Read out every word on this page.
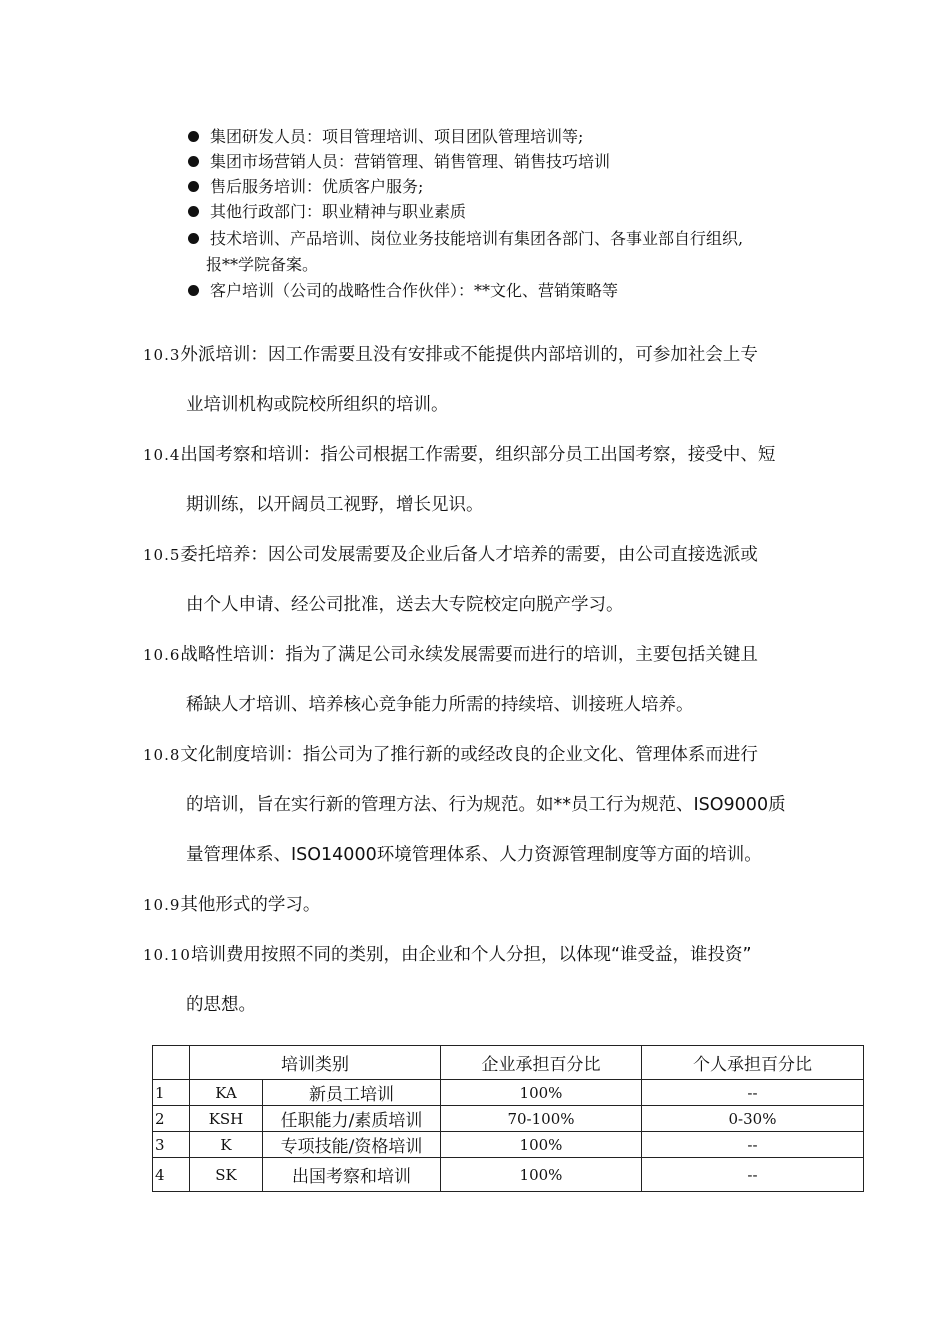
集团研发人员：项目管理培训、项目团队管理培训等;
集团市场营销人员：营销管理、销售管理、销售技巧培训
售后服务培训：优质客户服务;
其他行政部门：职业精神与职业素质
技术培训、产品培训、岗位业务技能培训有集团各部门、各事业部自行组织,
报**学院备案。
客户培训（公司的战略性合作伙伴）：**文化、营销策略等
10.3外派培训：因工作需要且没有安排或不能提供内部培训的，可参加社会上专
业培训机构或院校所组织的培训。
10.4出国考察和培训：指公司根据工作需要，组织部分员工出国考察，接受中、短
期训练，以开阔员工视野，增长见识。
10.5委托培养：因公司发展需要及企业后备人才培养的需要，由公司直接选派或
由个人申请、经公司批准，送去大专院校定向脱产学习。
10.6战略性培训：指为了满足公司永续发展需要而进行的培训，主要包括关键且
稀缺人才培训、培养核心竞争能力所需的持续培、训接班人培养。
10.8文化制度培训：指公司为了推行新的或经改良的企业文化、管理体系而进行
的培训，旨在实行新的管理方法、行为规范。如**员工行为规范、ISO9000质
量管理体系、ISO14000环境管理体系、人力资源管理制度等方面的培训。
10.9其他形式的学习。
10.10培训费用按照不同的类别，由企业和个人分担，以体现“谁受益，谁投资”
的思想。
	培训类别		企业承担百分比	个人承担百分比
1	KA	新员工培训	100%	--
2	KSH	任职能力/素质培训	70-100%	0-30%
3	K	专项技能/资格培训	100%	--
4	SK	出国考察和培训	100%	--
